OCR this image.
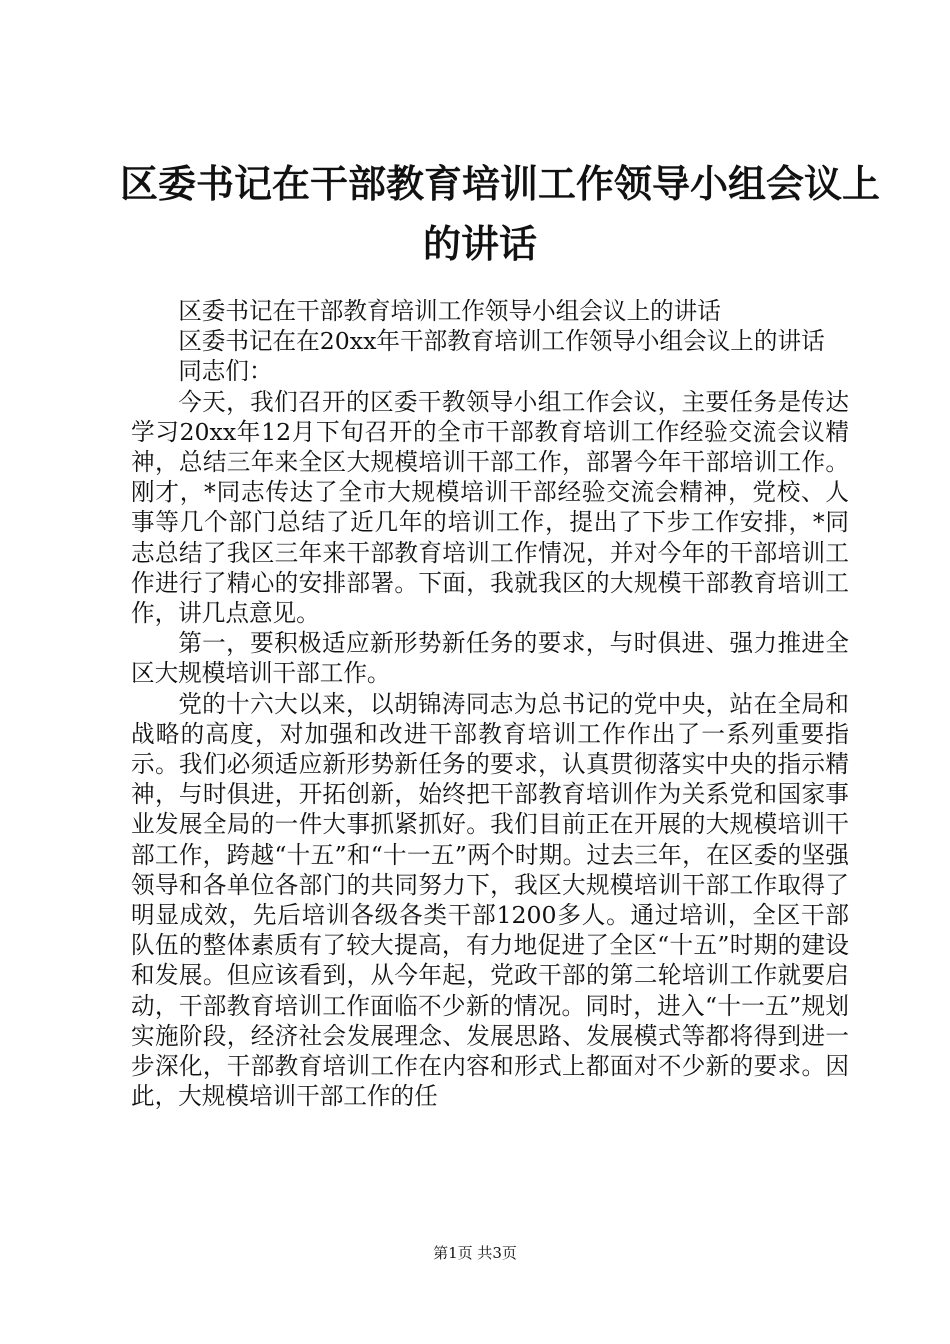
区委书记在干部教育培训工作领导小组会议上
的讲话

区委书记在干部教育培训工作领导小组会议上的讲话

区委书记在在20xx年干部教育培训工作领导小组会议上的讲话

同志们：

今天，我们召开的区委干教领导小组工作会议，主要任务是传达学习20xx年12月下旬召开的全市干部教育培训工作经验交流会议精神，总结三年来全区大规模培训干部工作，部署今年干部培训工作。刚才，*同志传达了全市大规模培训干部经验交流会精神，党校、人事等几个部门总结了近几年的培训工作，提出了下步工作安排，*同志总结了我区三年来干部教育培训工作情况，并对今年的干部培训工作进行了精心的安排部署。下面，我就我区的大规模干部教育培训工作，讲几点意见。

第一，要积极适应新形势新任务的要求，与时俱进、强力推进全区大规模培训干部工作。

党的十六大以来，以胡锦涛同志为总书记的党中央，站在全局和战略的高度，对加强和改进干部教育培训工作作出了一系列重要指示。我们必须适应新形势新任务的要求，认真贯彻落实中央的指示精神，与时俱进，开拓创新，始终把干部教育培训作为关系党和国家事业发展全局的一件大事抓紧抓好。我们目前正在开展的大规模培训干部工作，跨越“十五”和“十一五”两个时期。过去三年，在区委的坚强领导和各单位各部门的共同努力下，我区大规模培训干部工作取得了明显成效，先后培训各级各类干部1200多人。通过培训，全区干部队伍的整体素质有了较大提高，有力地促进了全区“十五”时期的建设和发展。但应该看到，从今年起，党政干部的第二轮培训工作就要启动，干部教育培训工作面临不少新的情况。同时，进入“十一五”规划实施阶段，经济社会发展理念、发展思路、发展模式等都将得到进一步深化，干部教育培训工作在内容和形式上都面对不少新的要求。因此，大规模培训干部工作的任

第1页 共3页
